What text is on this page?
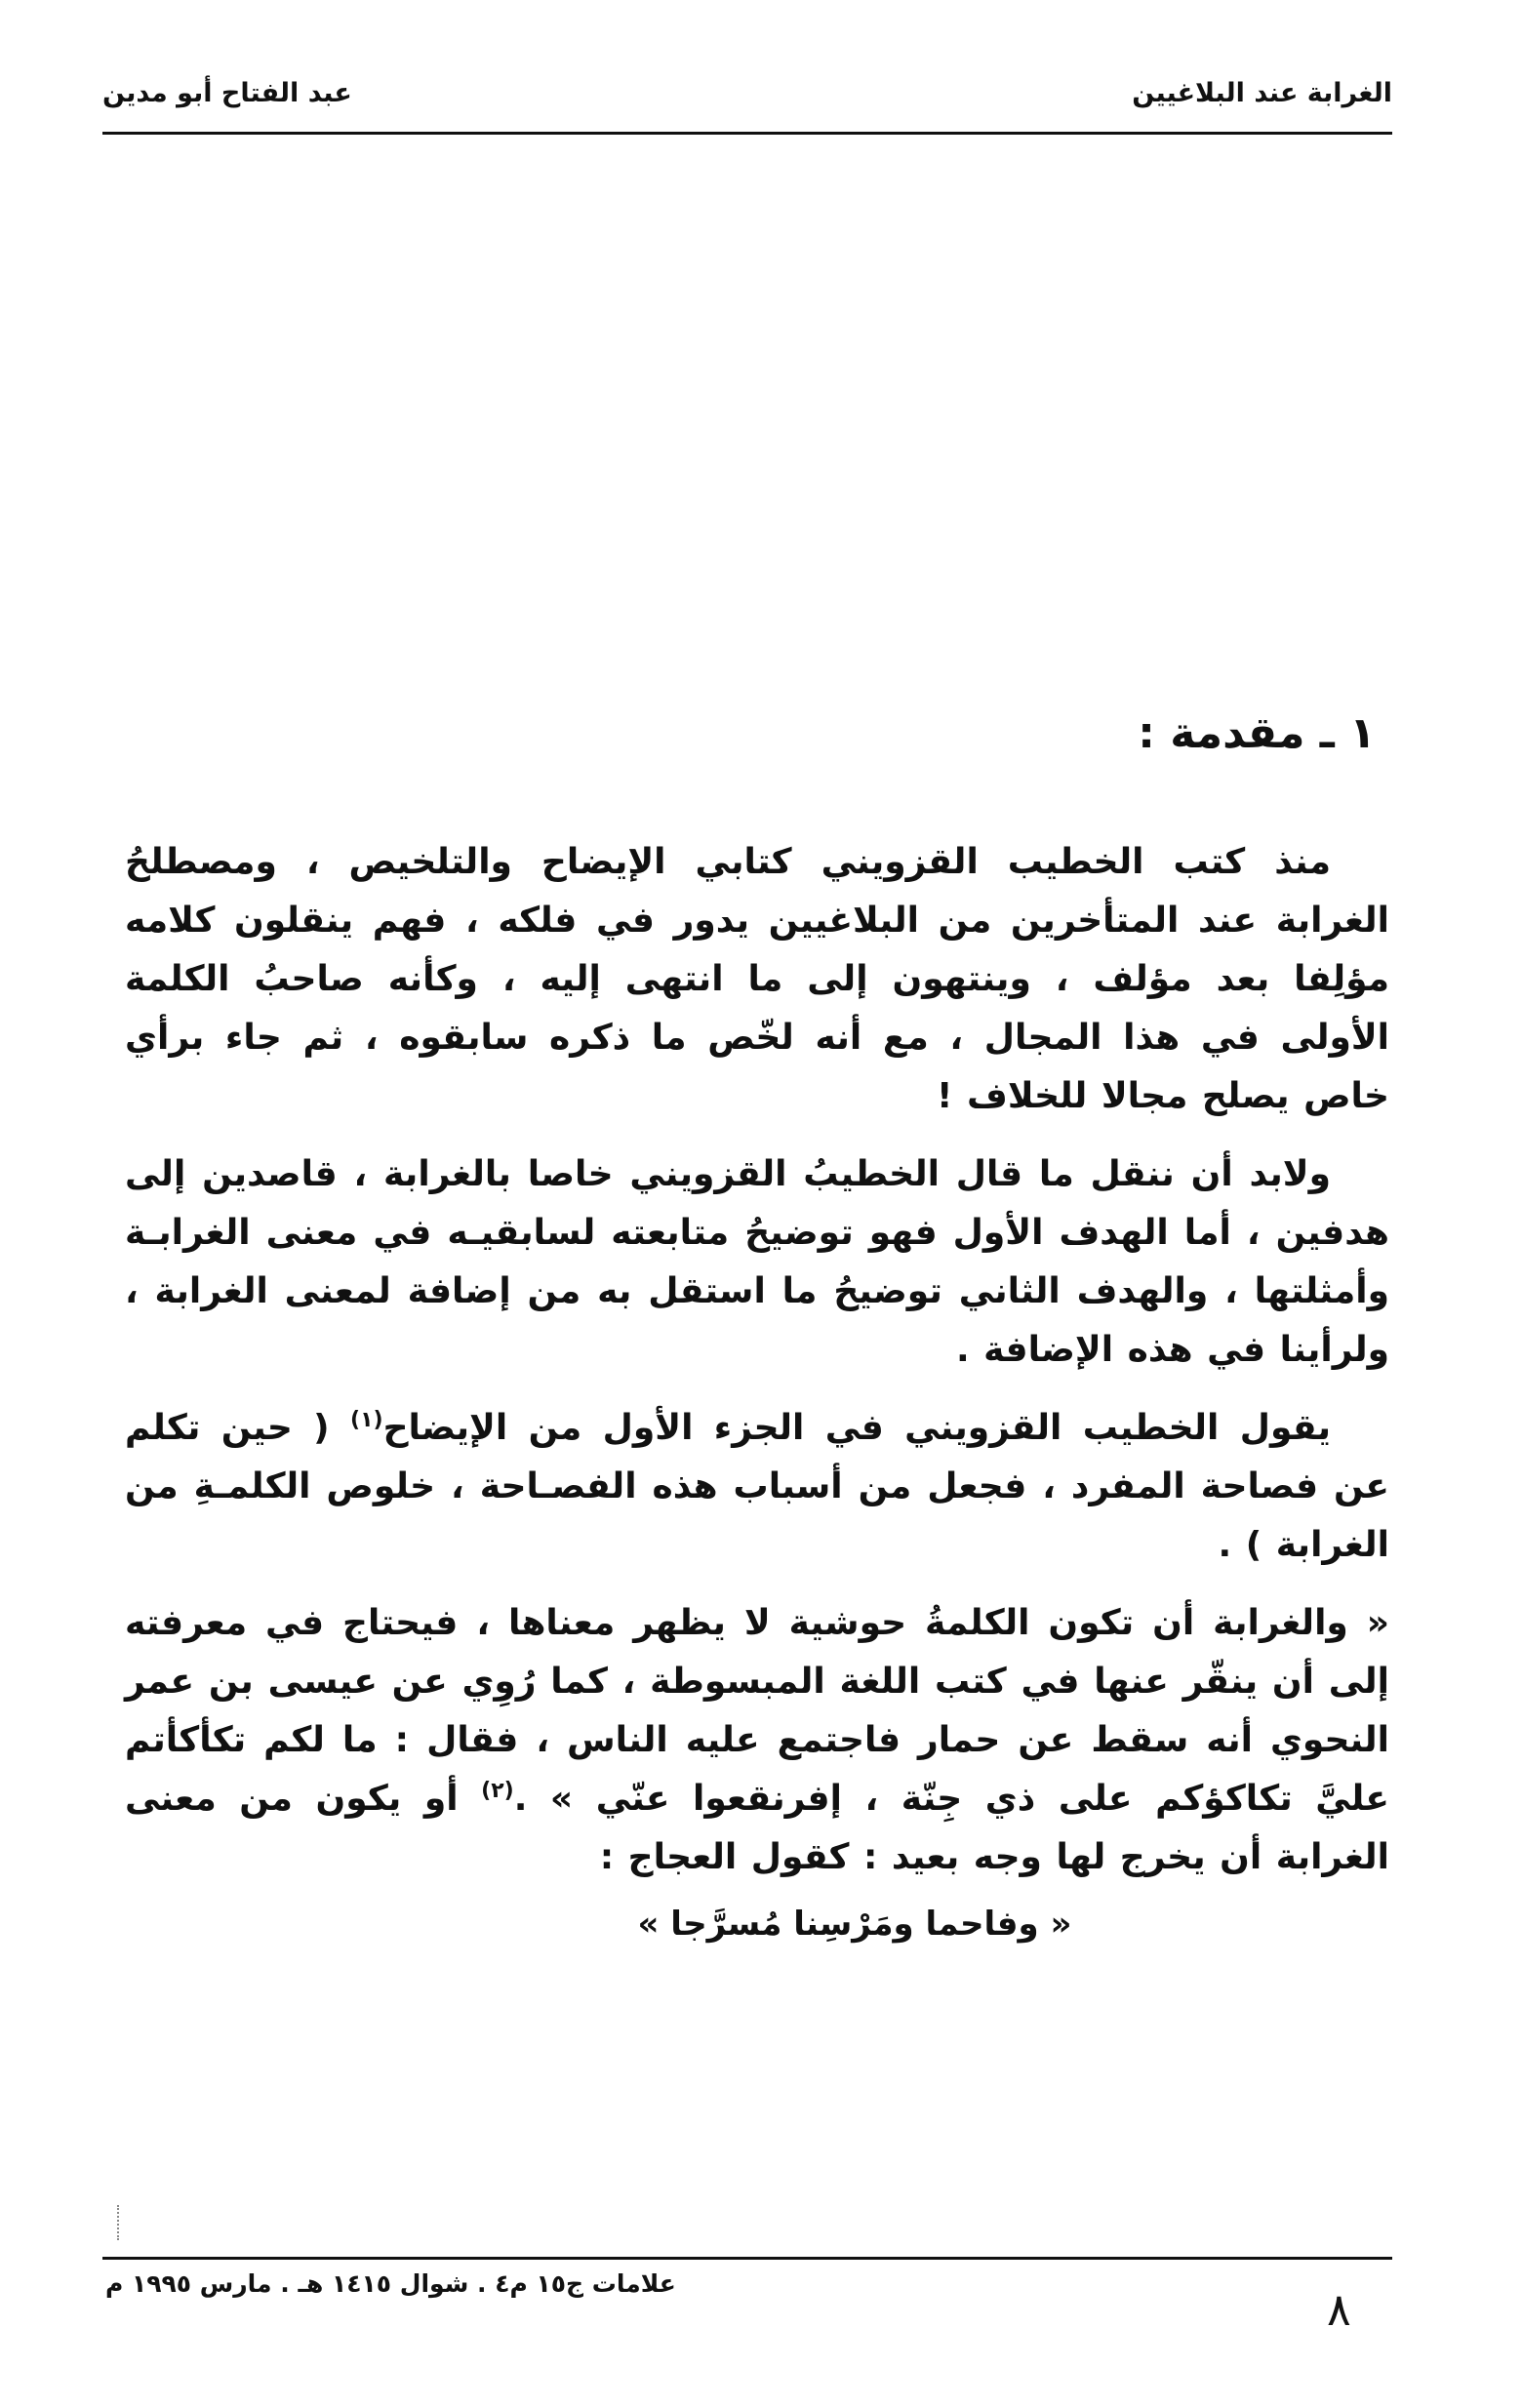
الغرابة عند البلاغيين
عبد الفتاح أبو مدين
١ ـ مقدمة :

منذ كتب الخطيب القزويني كتابي الإيضاح والتلخيص ، ومصطلحُ الغرابة عند المتأخرين من البلاغيين يدور في فلكه ، فهم ينقلون كلامه مؤلِفا بعد مؤلف ، وينتهون إلى ما انتهى إليه ، وكأنه صاحبُ الكلمة الأولى في هذا المجال ، مع أنه لخّص ما ذكره سابقوه ، ثم جاء برأي خاص يصلح مجالا للخلاف !

ولابد أن ننقل ما قال الخطيبُ القزويني خاصا بالغرابة ، قاصدين إلى هدفين ، أما الهدف الأول فهو توضيحُ متابعته لسابقيـه في معنى الغرابـة وأمثلتها ، والهدف الثاني توضيحُ ما استقل به من إضافة لمعنى الغرابة ، ولرأينا في هذه الإضافة .

يقول الخطيب القزويني في الجزء الأول من الإيضاح$^{(١)}$ ( حين تكلم عن فصاحة المفرد ، فجعل من أسباب هذه الفصـاحة ، خلوص الكلمـةِ من الغرابة ) .

« والغرابة أن تكون الكلمةُ حوشية لا يظهر معناها ، فيحتاج في معرفته إلى أن ينقّر عنها في كتب اللغة المبسوطة ، كما رُوِي عن عيسى بن عمر النحوي أنه سقط عن حمار فاجتمع عليه الناس ، فقال : ما لكم تكأكأتم عليَّ تكاكؤكم على ذي جِنّة ، إفرنقعوا عنّي » .$^{(٢)}$ أو يكون من معنى الغرابة أن يخرج لها وجه بعيد : كقول العجاج :

« وفاحما ومَرْسِنا مُسرَّجا »
علامات ج١٥ م٤ . شوال ١٤١٥ هـ . مارس ١٩٩٥ م	٨
